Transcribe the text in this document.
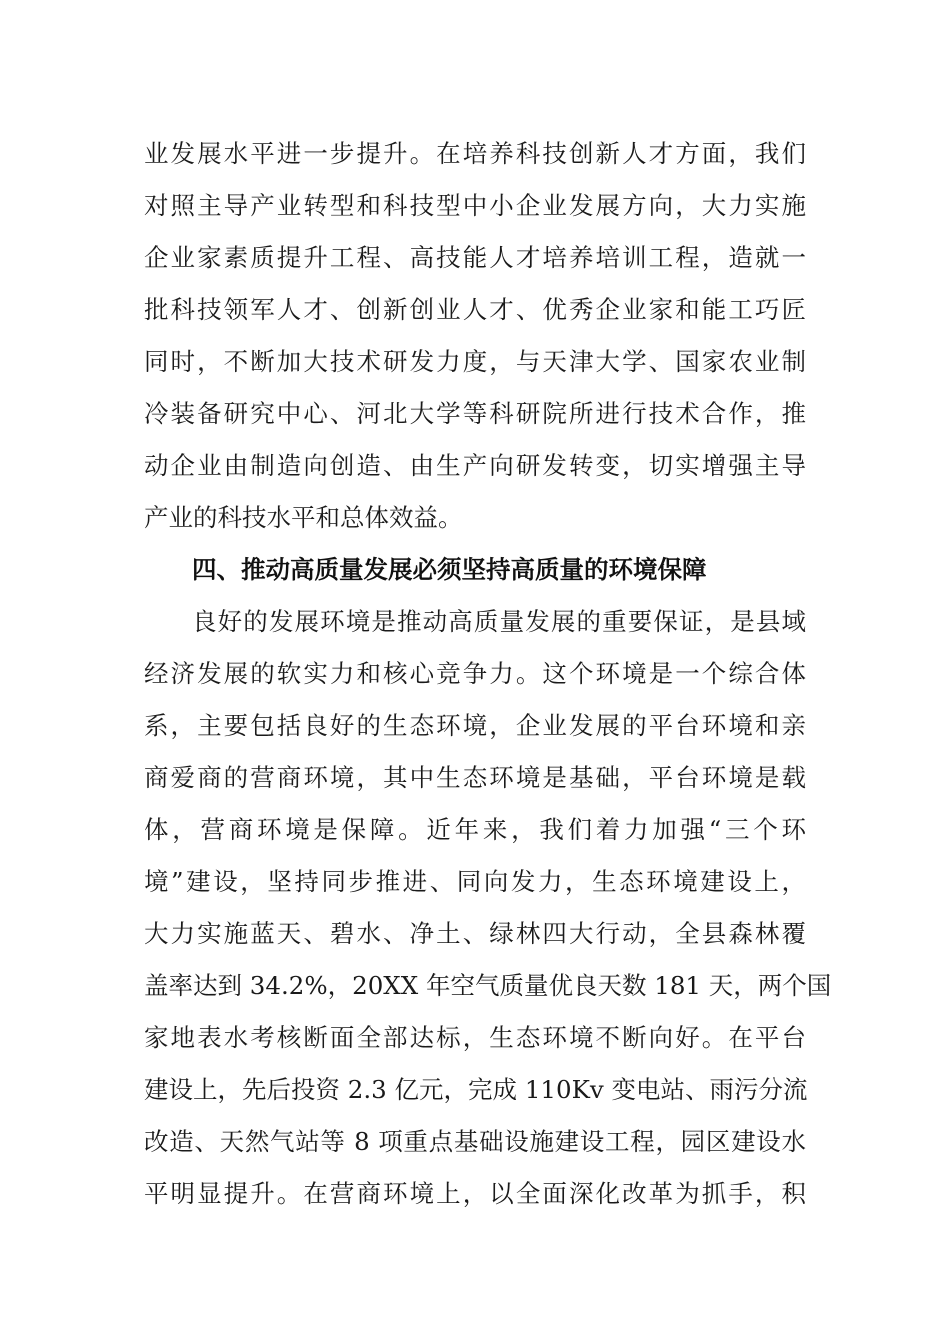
业发展水平进一步提升。在培养科技创新人才方面，我们
对照主导产业转型和科技型中小企业发展方向，大力实施
企业家素质提升工程、高技能人才培养培训工程，造就一
批科技领军人才、创新创业人才、优秀企业家和能工巧匠
同时，不断加大技术研发力度，与天津大学、国家农业制
冷装备研究中心、河北大学等科研院所进行技术合作，推
动企业由制造向创造、由生产向研发转变，切实增强主导
产业的科技水平和总体效益。
四、推动高质量发展必须坚持高质量的环境保障
良好的发展环境是推动高质量发展的重要保证，是县域
经济发展的软实力和核心竞争力。这个环境是一个综合体
系，主要包括良好的生态环境，企业发展的平台环境和亲
商爱商的营商环境，其中生态环境是基础，平台环境是载
体，营商环境是保障。近年来，我们着力加强“三个环
境”建设，坚持同步推进、同向发力，生态环境建设上，
大力实施蓝天、碧水、净土、绿林四大行动，全县森林覆
盖率达到 34.2%，20XX 年空气质量优良天数 181 天，两个国
家地表水考核断面全部达标，生态环境不断向好。在平台
建设上，先后投资 2.3 亿元，完成 110Kv 变电站、雨污分流
改造、天然气站等 8 项重点基础设施建设工程，园区建设水
平明显提升。在营商环境上，以全面深化改革为抓手，积
